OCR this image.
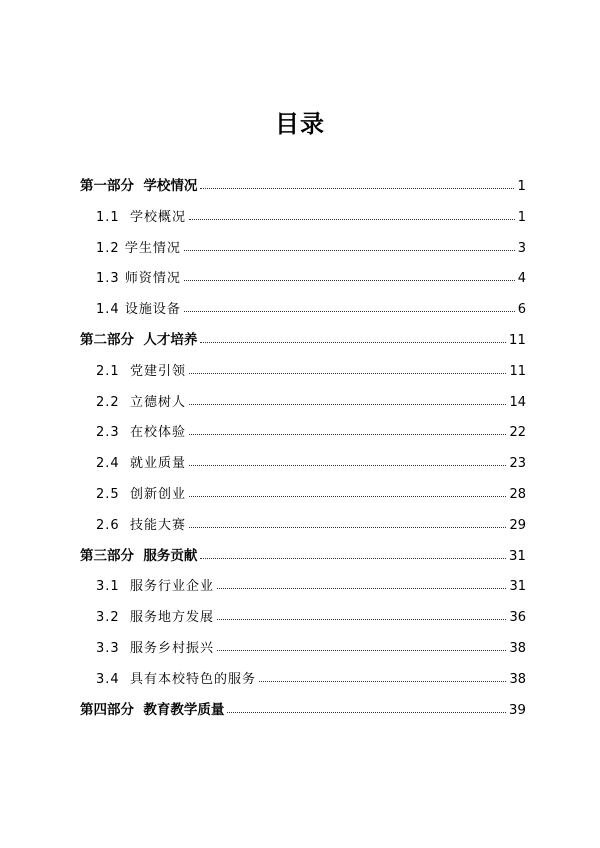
目录
第一部分 学校情况	1
1.1 学校概况	1
1.2 学生情况	3
1.3 师资情况	4
1.4 设施设备	6
第二部分 人才培养	11
2.1 党建引领	11
2.2 立德树人	14
2.3 在校体验	22
2.4 就业质量	23
2.5 创新创业	28
2.6 技能大赛	29
第三部分 服务贡献	31
3.1 服务行业企业	31
3.2 服务地方发展	36
3.3 服务乡村振兴	38
3.4 具有本校特色的服务	38
第四部分 教育教学质量	39
